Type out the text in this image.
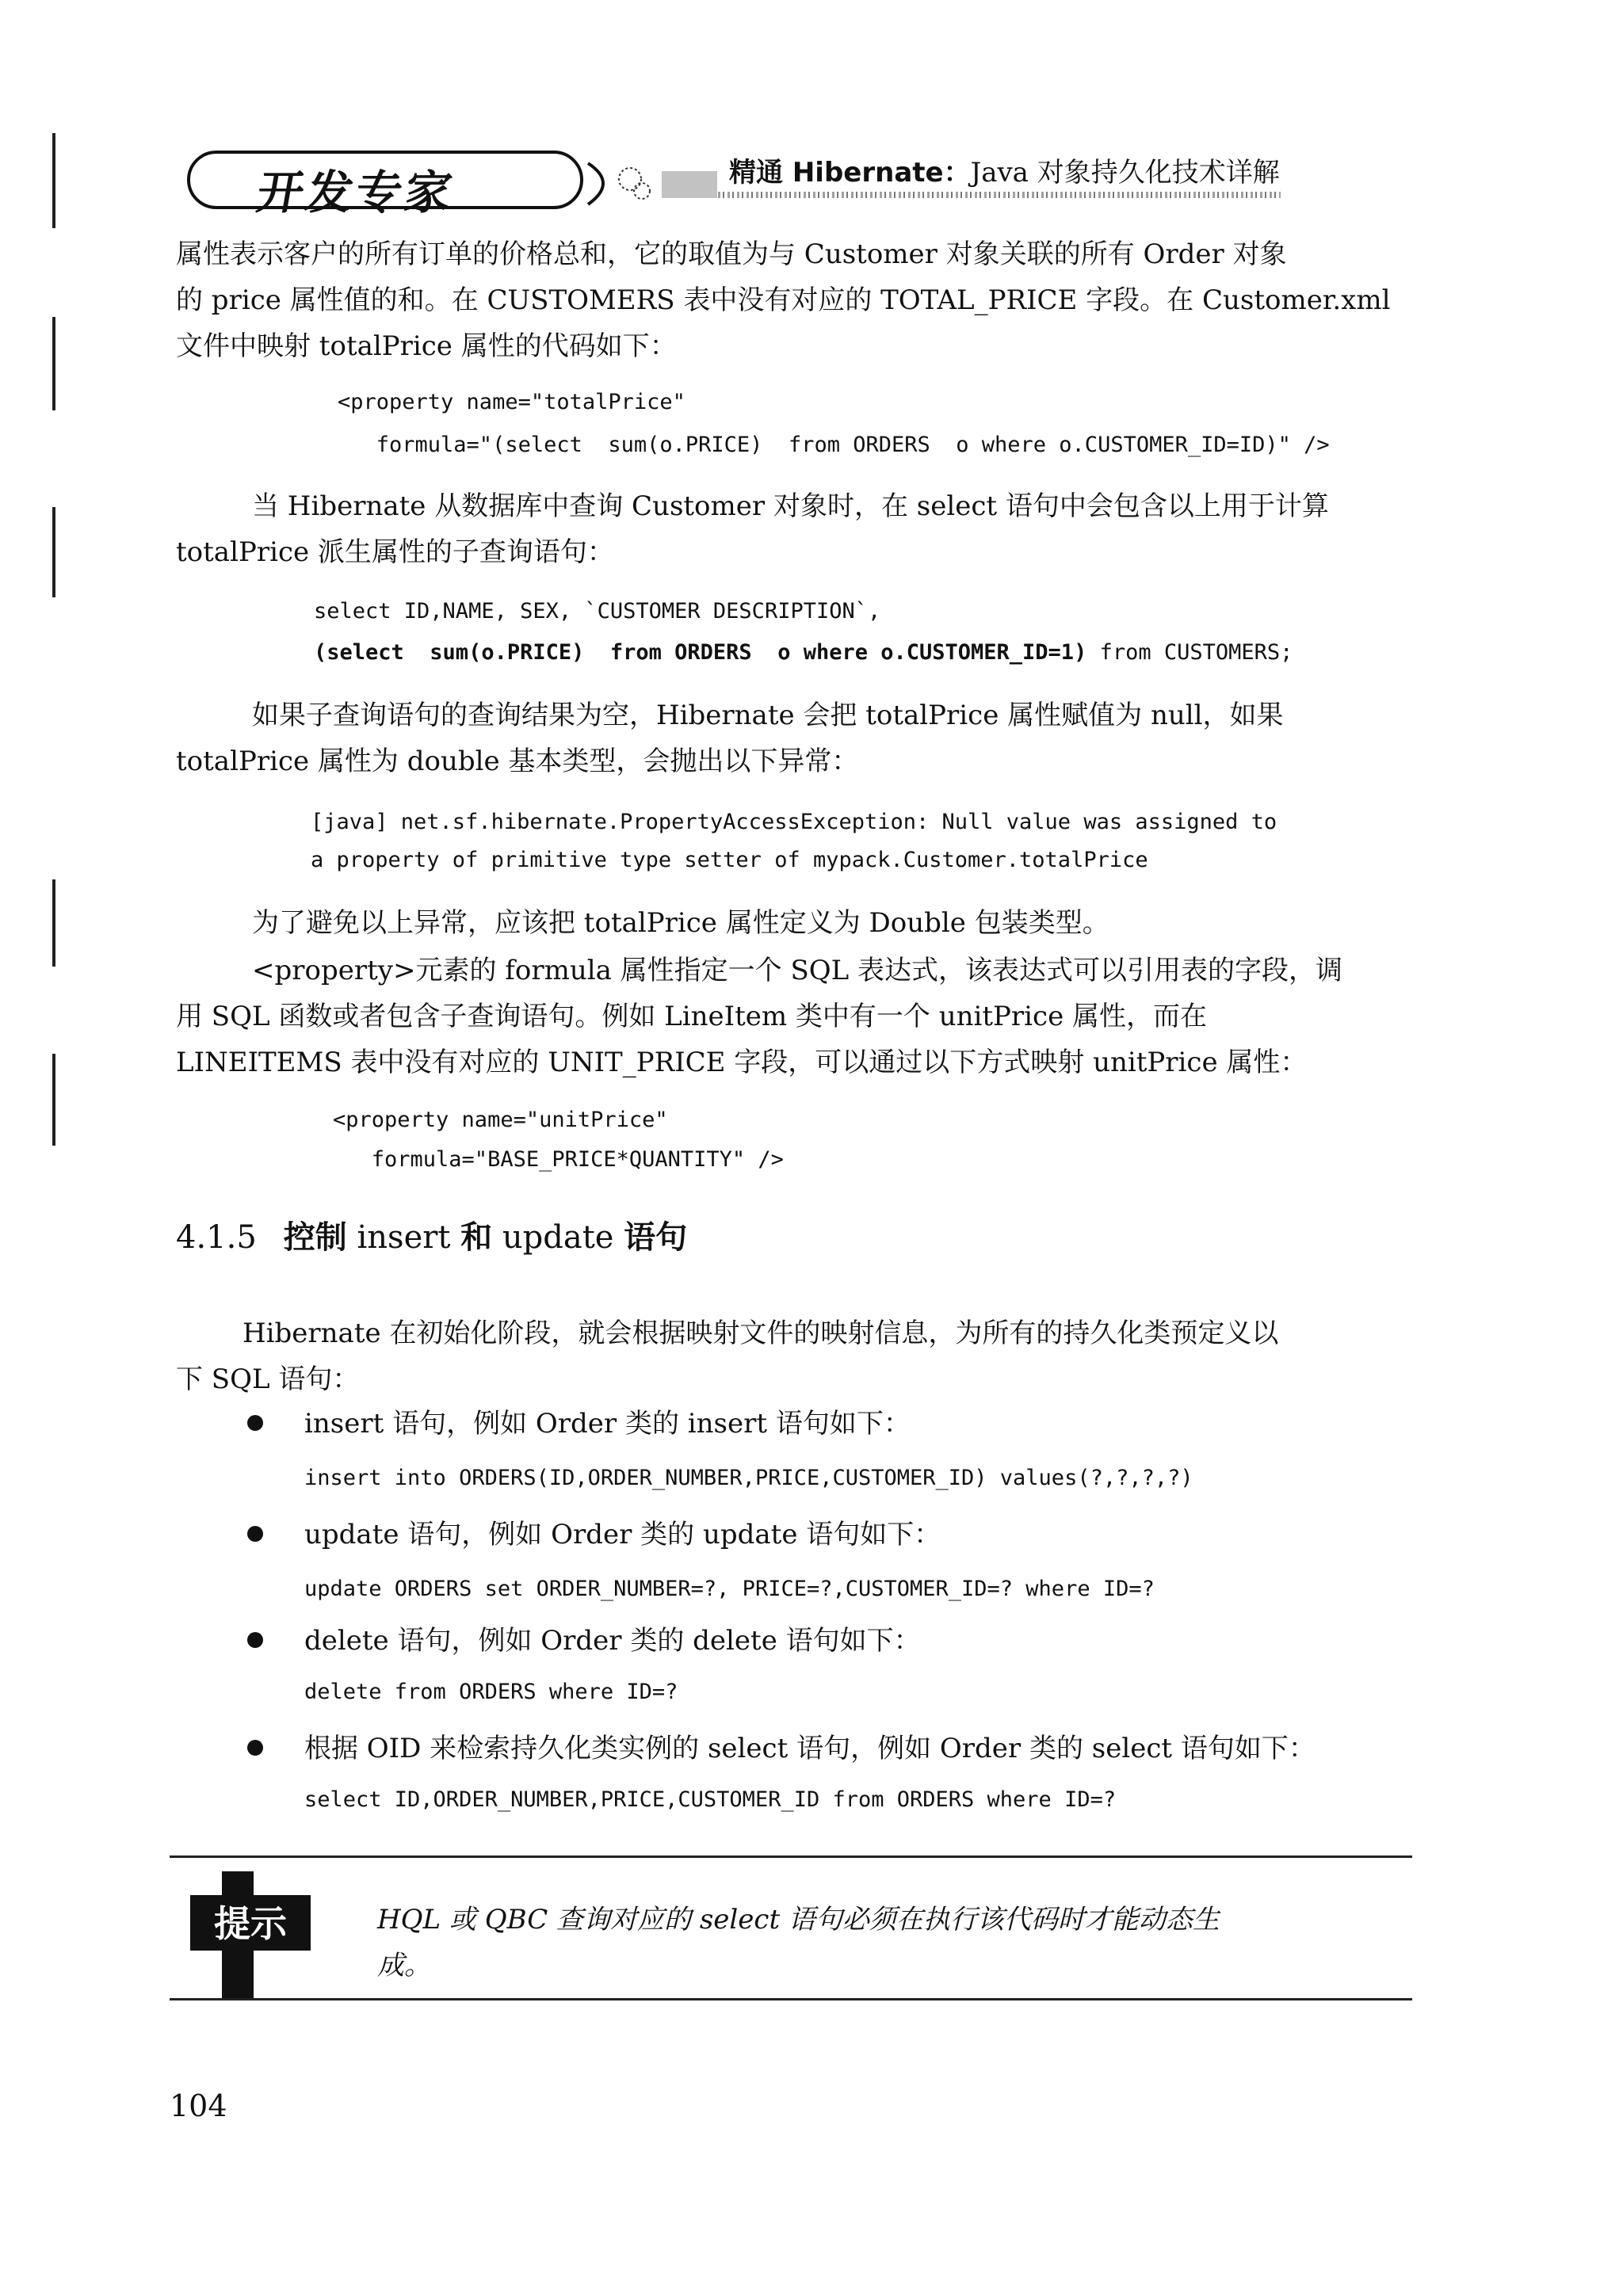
开发专家	精通 Hibernate：Java 对象持久化技术详解
属性表示客户的所有订单的价格总和，它的取值为与 Customer 对象关联的所有 Order 对象
的 price 属性值的和。在 CUSTOMERS 表中没有对应的 TOTAL_PRICE 字段。在 Customer.xml
文件中映射 totalPrice 属性的代码如下：
<property name="totalPrice"
formula="(select  sum(o.PRICE)  from ORDERS  o where o.CUSTOMER_ID=ID)" />
当 Hibernate 从数据库中查询 Customer 对象时，在 select 语句中会包含以上用于计算
totalPrice 派生属性的子查询语句：
select ID,NAME, SEX, `CUSTOMER DESCRIPTION`,
(select  sum(o.PRICE)  from ORDERS  o where o.CUSTOMER_ID=1) from CUSTOMERS;
如果子查询语句的查询结果为空，Hibernate 会把 totalPrice 属性赋值为 null，如果
totalPrice 属性为 double 基本类型，会抛出以下异常：
[java] net.sf.hibernate.PropertyAccessException: Null value was assigned to
a property of primitive type setter of mypack.Customer.totalPrice
为了避免以上异常，应该把 totalPrice 属性定义为 Double 包装类型。
<property>元素的 formula 属性指定一个 SQL 表达式，该表达式可以引用表的字段，调
用 SQL 函数或者包含子查询语句。例如 LineItem 类中有一个 unitPrice 属性，而在
LINEITEMS 表中没有对应的 UNIT_PRICE 字段，可以通过以下方式映射 unitPrice 属性：
<property name="unitPrice"
formula="BASE_PRICE*QUANTITY" />
4.1.5 控制 insert 和 update 语句
Hibernate 在初始化阶段，就会根据映射文件的映射信息，为所有的持久化类预定义以
下 SQL 语句：
insert 语句，例如 Order 类的 insert 语句如下：
insert into ORDERS(ID,ORDER_NUMBER,PRICE,CUSTOMER_ID) values(?,?,?,?)
update 语句，例如 Order 类的 update 语句如下：
update ORDERS set ORDER_NUMBER=?, PRICE=?,CUSTOMER_ID=? where ID=?
delete 语句，例如 Order 类的 delete 语句如下：
delete from ORDERS where ID=?
根据 OID 来检索持久化类实例的 select 语句，例如 Order 类的 select 语句如下：
select ID,ORDER_NUMBER,PRICE,CUSTOMER_ID from ORDERS where ID=?
提示	HQL 或 QBC 查询对应的 select 语句必须在执行该代码时才能动态生
成。
104
